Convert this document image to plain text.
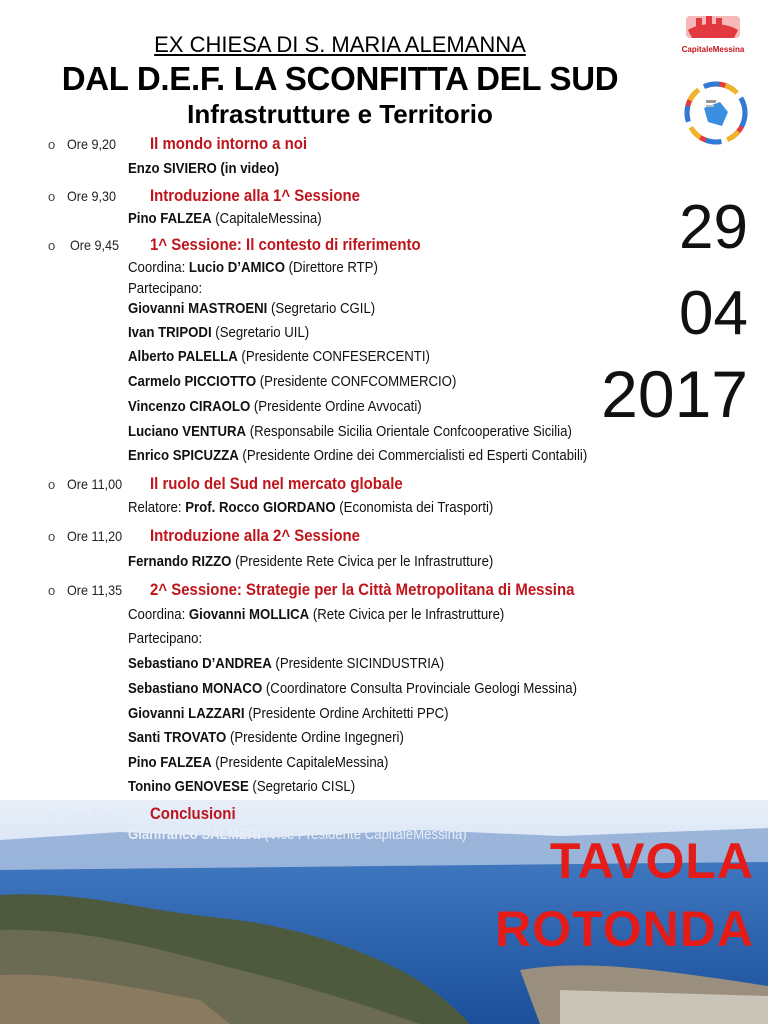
CapitaleMessina
EX CHIESA DI S. MARIA ALEMANNA
DAL D.E.F. LA SCONFITTA DEL SUD
Infrastrutture e Territorio
29
04
2017
o Ore 9,20 Il mondo intorno a noi
Enzo SIVIERO (in video)
o Ore 9,30 Introduzione alla 1^ Sessione
Pino FALZEA (CapitaleMessina)
o Ore 9,45 1^ Sessione: Il contesto di riferimento
Coordina: Lucio D’AMICO (Direttore RTP)
Partecipano:
Giovanni MASTROENI (Segretario CGIL)
Ivan TRIPODI (Segretario UIL)
Alberto PALELLA (Presidente CONFESERCENTI)
Carmelo PICCIOTTO (Presidente CONFCOMMERCIO)
Vincenzo CIRAOLO (Presidente Ordine Avvocati)
Luciano VENTURA (Responsabile Sicilia Orientale Confcooperative Sicilia)
Enrico SPICUZZA (Presidente Ordine dei Commercialisti ed Esperti Contabili)
o Ore 11,00 Il ruolo del Sud nel mercato globale
Relatore: Prof. Rocco GIORDANO (Economista dei Trasporti)
o Ore 11,20 Introduzione alla 2^ Sessione
Fernando RIZZO (Presidente Rete Civica per le Infrastrutture)
o Ore 11,35 2^ Sessione: Strategie per la Città Metropolitana di Messina
Coordina: Giovanni MOLLICA (Rete Civica per le Infrastrutture)
Partecipano:
Sebastiano D’ANDREA (Presidente SICINDUSTRIA)
Sebastiano MONACO (Coordinatore Consulta Provinciale Geologi Messina)
Giovanni LAZZARI (Presidente Ordine Architetti PPC)
Santi TROVATO (Presidente Ordine Ingegneri)
Pino FALZEA (Presidente CapitaleMessina)
Tonino GENOVESE (Segretario CISL)
o Ore 12,45 Conclusioni
Gianfranco SALMERI (Vice Presidente CapitaleMessina) TAVOLA
ROTONDA
